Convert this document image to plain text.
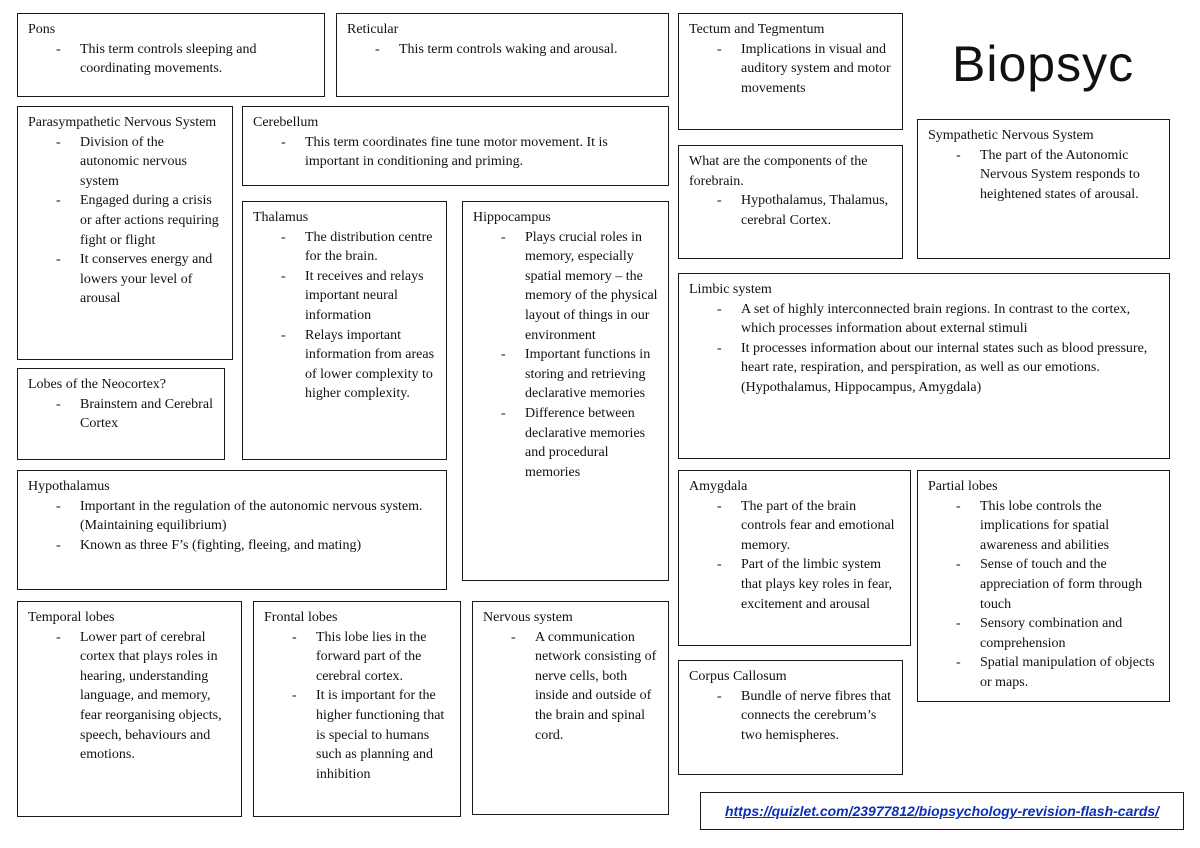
Biopsyc
Pons
- This term controls sleeping and coordinating movements.
Parasympathetic Nervous System
- Division of the autonomic nervous system
- Engaged during a crisis or after actions requiring fight or flight
- It conserves energy and lowers your level of arousal
Lobes of the Neocortex?
- Brainstem and Cerebral Cortex
Hypothalamus
- Important in the regulation of the autonomic nervous system. (Maintaining equilibrium)
- Known as three F’s (fighting, fleeing, and mating)
Temporal lobes
- Lower part of cerebral cortex that plays roles in hearing, understanding language, and memory, fear reorganising objects, speech, behaviours and emotions.
Reticular
- This term controls waking and arousal.
Cerebellum
- This term coordinates fine tune motor movement. It is important in conditioning and priming.
Thalamus
- The distribution centre for the brain.
- It receives and relays important neural information
- Relays important information from areas of lower complexity to higher complexity.
Hippocampus
- Plays crucial roles in memory, especially spatial memory – the memory of the physical layout of things in our environment
- Important functions in storing and retrieving declarative memories
- Difference between declarative memories and procedural memories
Frontal lobes
- This lobe lies in the forward part of the cerebral cortex.
- It is important for the higher functioning that is special to humans such as planning and inhibition
Nervous system
- A communication network consisting of nerve cells, both inside and outside of the brain and spinal cord.
Tectum and Tegmentum
- Implications in visual and auditory system and motor movements
What are the components of the forebrain.
- Hypothalamus, Thalamus, cerebral Cortex.
Sympathetic Nervous System
- The part of the Autonomic Nervous System responds to heightened states of arousal.
Limbic system
- A set of highly interconnected brain regions. In contrast to the cortex, which processes information about external stimuli
- It processes information about our internal states such as blood pressure, heart rate, respiration, and perspiration, as well as our emotions. (Hypothalamus, Hippocampus, Amygdala)
Amygdala
- The part of the brain controls fear and emotional memory.
- Part of the limbic system that plays key roles in fear, excitement and arousal
Partial lobes
- This lobe controls the implications for spatial awareness and abilities
- Sense of touch and the appreciation of form through touch
- Sensory combination and comprehension
- Spatial manipulation of objects or maps.
Corpus Callosum
- Bundle of nerve fibres that connects the cerebrum’s two hemispheres.
https://quizlet.com/23977812/biopsychology-revision-flash-cards/
